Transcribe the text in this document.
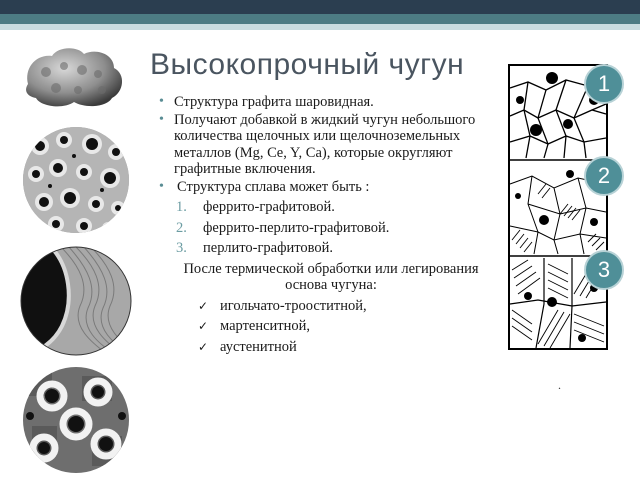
1
2
3
Высокопрочный чугун
• Структура графита шаровидная.
• Получают добавкой в жидкий чугун небольшого количества щелочных или щелочноземельных металлов (Mg, Ce, Y, Ca), которые округляют графитные включения.
• Структура сплава может быть :
1. феррито-графитовой.
2. феррито-перлито-графитовой.
3. перлито-графитовой.
После термической обработки или легирования основа чугуна:
✓ игольчато-трооститной,
✓ мартенситной,
✓ аустенитной
.
